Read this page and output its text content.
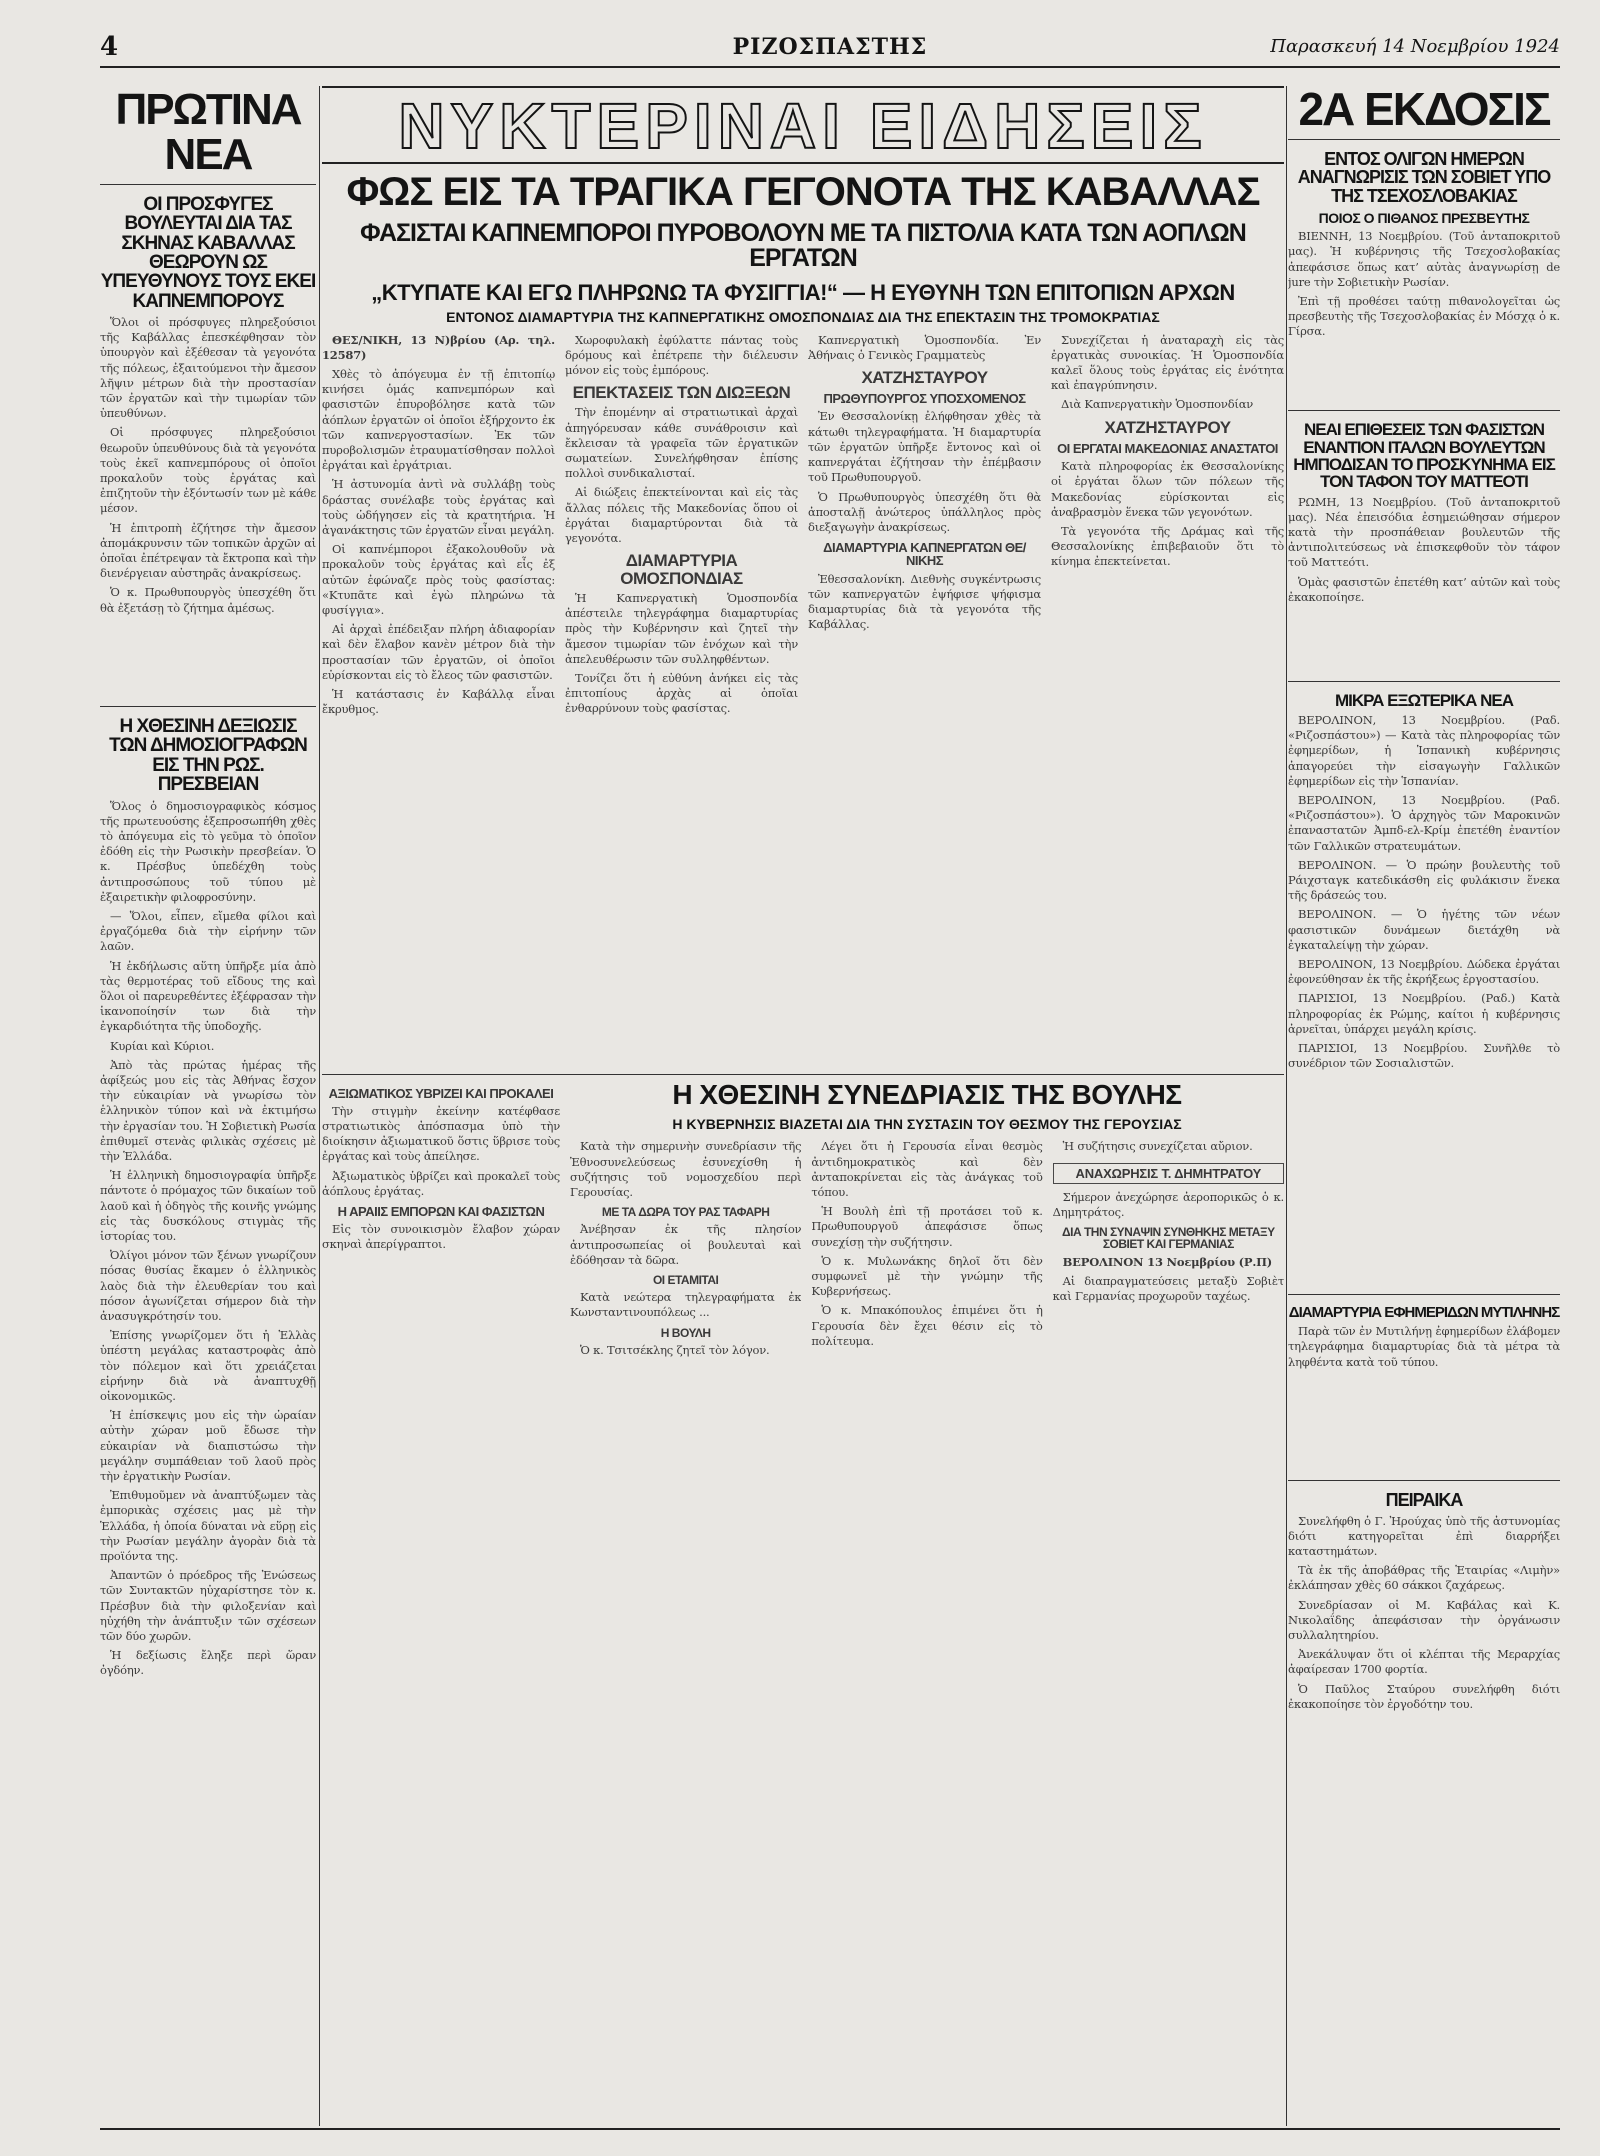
4	ΡΙΖΟΣΠΑΣΤΗΣ	Παρασκευή 14 Νοεμβρίου 1924
ΠΡΩΤΙΝΑ ΝΕΑ
ΟΙ ΠΡΟΣΦΥΓΕΣ ΒΟΥΛΕΥΤΑΙ ΔΙΑ ΤΑΣ ΣΚΗΝΑΣ ΚΑΒΑΛΛΑΣ ΘΕΩΡΟΥΝ ΩΣ ΥΠΕΥΘΥΝΟΥΣ ΤΟΥΣ ΕΚΕΙ ΚΑΠΝΕΜΠΟΡΟΥΣ

Ὅλοι οἱ πρόσφυγες πληρεξούσιοι τῆς Καβάλλας ἐπεσκέφθησαν τὸν ὑπουργὸν καὶ ἐξέθεσαν τὰ γεγονότα τῆς πόλεως, ἐξαιτούμενοι τὴν ἄμεσον λῆψιν μέτρων διὰ τὴν προστασίαν τῶν ἐργατῶν καὶ τὴν τιμωρίαν τῶν ὑπευθύνων.

Οἱ πρόσφυγες πληρεξούσιοι θεωροῦν ὑπευθύνους διὰ τὰ γεγονότα τοὺς ἐκεῖ καπνεμπόρους οἱ ὁποῖοι προκαλοῦν τοὺς ἐργάτας καὶ ἐπιζητοῦν τὴν ἐξόντωσίν των μὲ κάθε μέσον.

Ἡ ἐπιτροπὴ ἐζήτησε τὴν ἄμεσον ἀπομάκρυνσιν τῶν τοπικῶν ἀρχῶν αἱ ὁποῖαι ἐπέτρεψαν τὰ ἔκτροπα καὶ τὴν διενέργειαν αὐστηρᾶς ἀνακρίσεως.

Ὁ κ. Πρωθυπουργὸς ὑπεσχέθη ὅτι θὰ ἐξετάσῃ τὸ ζήτημα ἀμέσως.

Η ΧΘΕΣΙΝΗ ΔΕΞΙΩΣΙΣ ΤΩΝ ΔΗΜΟΣΙΟΓΡΑΦΩΝ ΕΙΣ ΤΗΝ ΡΩΣ. ΠΡΕΣΒΕΙΑΝ

Ὅλος ὁ δημοσιογραφικὸς κόσμος τῆς πρωτευούσης ἐξεπροσωπήθη χθὲς τὸ ἀπόγευμα εἰς τὸ γεῦμα τὸ ὁποῖον ἐδόθη εἰς τὴν Ρωσικὴν πρεσβείαν. Ὁ κ. Πρέσβυς ὑπεδέχθη τοὺς ἀντιπροσώπους τοῦ τύπου μὲ ἐξαιρετικὴν φιλοφροσύνην.

— Ὅλοι, εἶπεν, εἴμεθα φίλοι καὶ ἐργαζόμεθα διὰ τὴν εἰρήνην τῶν λαῶν.

Ἡ ἐκδήλωσις αὕτη ὑπῆρξε μία ἀπὸ τὰς θερμοτέρας τοῦ εἴδους της καὶ ὅλοι οἱ παρευρεθέντες ἐξέφρασαν τὴν ἱκανοποίησίν των διὰ τὴν ἐγκαρδιότητα τῆς ὑποδοχῆς.

Κυρίαι καὶ Κύριοι.

Ἀπὸ τὰς πρώτας ἡμέρας τῆς ἀφίξεώς μου εἰς τὰς Ἀθήνας ἔσχον τὴν εὐκαιρίαν νὰ γνωρίσω τὸν ἑλληνικὸν τύπον καὶ νὰ ἐκτιμήσω τὴν ἐργασίαν του. Ἡ Σοβιετικὴ Ρωσία ἐπιθυμεῖ στενὰς φιλικὰς σχέσεις μὲ τὴν Ἑλλάδα.

Ἡ ἑλληνικὴ δημοσιογραφία ὑπῆρξε πάντοτε ὁ πρόμαχος τῶν δικαίων τοῦ λαοῦ καὶ ἡ ὁδηγὸς τῆς κοινῆς γνώμης εἰς τὰς δυσκόλους στιγμὰς τῆς ἱστορίας του.

Ὀλίγοι μόνον τῶν ξένων γνωρίζουν πόσας θυσίας ἔκαμεν ὁ ἑλληνικὸς λαὸς διὰ τὴν ἐλευθερίαν του καὶ πόσον ἀγωνίζεται σήμερον διὰ τὴν ἀνασυγκρότησίν του.

Ἐπίσης γνωρίζομεν ὅτι ἡ Ἑλλὰς ὑπέστη μεγάλας καταστροφὰς ἀπὸ τὸν πόλεμον καὶ ὅτι χρειάζεται εἰρήνην διὰ νὰ ἀναπτυχθῇ οἰκονομικῶς.

Ἡ ἐπίσκεψις μου εἰς τὴν ὡραίαν αὐτὴν χώραν μοῦ ἔδωσε τὴν εὐκαιρίαν νὰ διαπιστώσω τὴν μεγάλην συμπάθειαν τοῦ λαοῦ πρὸς τὴν ἐργατικὴν Ρωσίαν.

Ἐπιθυμοῦμεν νὰ ἀναπτύξωμεν τὰς ἐμπορικὰς σχέσεις μας μὲ τὴν Ἑλλάδα, ἡ ὁποία δύναται νὰ εὕρῃ εἰς τὴν Ρωσίαν μεγάλην ἀγορὰν διὰ τὰ προϊόντα της.

Ἀπαντῶν ὁ πρόεδρος τῆς Ἑνώσεως τῶν Συντακτῶν ηὐχαρίστησε τὸν κ. Πρέσβυν διὰ τὴν φιλοξενίαν καὶ ηὐχήθη τὴν ἀνάπτυξιν τῶν σχέσεων τῶν δύο χωρῶν.

Ἡ δεξίωσις ἔληξε περὶ ὥραν ὀγδόην.

ΝΥΚΤΕΡΙΝΑΙ ΕΙΔΗΣΕΙΣ
ΦΩΣ ΕΙΣ ΤΑ ΤΡΑΓΙΚΑ ΓΕΓΟΝΟΤΑ ΤΗΣ ΚΑΒΑΛΛΑΣ
ΦΑΣΙΣΤΑΙ ΚΑΠΝΕΜΠΟΡΟΙ ΠΥΡΟΒΟΛΟΥΝ ΜΕ ΤΑ ΠΙΣΤΟΛΙΑ ΚΑΤΑ ΤΩΝ ΑΟΠΛΩΝ ΕΡΓΑΤΩΝ
„ΚΤΥΠΑΤΕ ΚΑΙ ΕΓΩ ΠΛΗΡΩΝΩ ΤΑ ΦΥΣΙΓΓΙΑ!“ — Η ΕΥΘΥΝΗ ΤΩΝ ΕΠΙΤΟΠΙΩΝ ΑΡΧΩΝ
ΕΝΤΟΝΟΣ ΔΙΑΜΑΡΤΥΡΙΑ ΤΗΣ ΚΑΠΝΕΡΓΑΤΙΚΗΣ ΟΜΟΣΠΟΝΔΙΑΣ ΔΙΑ ΤΗΣ ΕΠΕΚΤΑΣΙΝ ΤΗΣ ΤΡΟΜΟΚΡΑΤΙΑΣ

ΘΕΣ/ΝΙΚΗ, 13 Ν)βρίου (Αρ. τηλ. 12587)

Χθὲς τὸ ἀπόγευμα ἐν τῇ ἐπιτοπίῳ κινήσει ὁμάς καπνεμπόρων καὶ φασιστῶν ἐπυροβόλησε κατὰ τῶν ἀόπλων ἐργατῶν οἱ ὁποῖοι ἐξήρχοντο ἐκ τῶν καπνεργοστασίων. Ἐκ τῶν πυροβολισμῶν ἐτραυματίσθησαν πολλοὶ ἐργάται καὶ ἐργάτριαι.

Ἡ ἀστυνομία ἀντὶ νὰ συλλάβῃ τοὺς δράστας συνέλαβε τοὺς ἐργάτας καὶ τοὺς ὡδήγησεν εἰς τὰ κρατητήρια. Ἡ ἀγανάκτησις τῶν ἐργατῶν εἶναι μεγάλη.

Οἱ καπνέμποροι ἐξακολουθοῦν νὰ προκαλοῦν τοὺς ἐργάτας καὶ εἷς ἐξ αὐτῶν ἐφώναζε πρὸς τοὺς φασίστας: «Κτυπᾶτε καὶ ἐγὼ πληρώνω τὰ φυσίγγια».

Αἱ ἀρχαὶ ἐπέδειξαν πλήρη ἀδιαφορίαν καὶ δὲν ἔλαβον κανὲν μέτρον διὰ τὴν προστασίαν τῶν ἐργατῶν, οἱ ὁποῖοι εὑρίσκονται εἰς τὸ ἔλεος τῶν φασιστῶν.

Ἡ κατάστασις ἐν Καβάλλᾳ εἶναι ἔκρυθμος.

Χωροφυλακὴ ἐφύλαττε πάντας τοὺς δρόμους καὶ ἐπέτρεπε τὴν διέλευσιν μόνον εἰς τοὺς ἐμπόρους.

ΕΠΕΚΤΑΣΕΙΣ ΤΩΝ ΔΙΩΞΕΩΝ

Τὴν ἐπομένην αἱ στρατιωτικαὶ ἀρχαὶ ἀπηγόρευσαν κάθε συνάθροισιν καὶ ἔκλεισαν τὰ γραφεῖα τῶν ἐργατικῶν σωματείων. Συνελήφθησαν ἐπίσης πολλοὶ συνδικαλισταί.

Αἱ διώξεις ἐπεκτείνονται καὶ εἰς τὰς ἄλλας πόλεις τῆς Μακεδονίας ὅπου οἱ ἐργάται διαμαρτύρονται διὰ τὰ γεγονότα.

ΔΙΑΜΑΡΤΥΡΙΑ ΟΜΟΣΠΟΝΔΙΑΣ

Ἡ Καπνεργατικὴ Ὁμοσπονδία ἀπέστειλε τηλεγράφημα διαμαρτυρίας πρὸς τὴν Κυβέρνησιν καὶ ζητεῖ τὴν ἄμεσον τιμωρίαν τῶν ἐνόχων καὶ τὴν ἀπελευθέρωσιν τῶν συλληφθέντων.

Τονίζει ὅτι ἡ εὐθύνη ἀνήκει εἰς τὰς ἐπιτοπίους ἀρχὰς αἱ ὁποῖαι ἐνθαρρύνουν τοὺς φασίστας.

Καπνεργατικὴ Ὁμοσπονδία. Ἐν Ἀθήναις ὁ Γενικὸς Γραμματεὺς

ΧΑΤΖΗΣΤΑΥΡΟΥ
ΠΡΩΘΥΠΟΥΡΓΟΣ ΥΠΟΣΧΟΜΕΝΟΣ

Ἐν Θεσσαλονίκῃ ἐλήφθησαν χθὲς τὰ κάτωθι τηλεγραφήματα. Ἡ διαμαρτυρία τῶν ἐργατῶν ὑπῆρξε ἔντονος καὶ οἱ καπνεργάται ἐζήτησαν τὴν ἐπέμβασιν τοῦ Πρωθυπουργοῦ.

Ὁ Πρωθυπουργὸς ὑπεσχέθη ὅτι θὰ ἀποσταλῇ ἀνώτερος ὑπάλληλος πρὸς διεξαγωγὴν ἀνακρίσεως.

ΔΙΑΜΑΡΤΥΡΙΑ ΚΑΠΝΕΡΓΑΤΩΝ ΘΕ/ΝΙΚΗΣ

Ἐθεσσαλονίκη. Διεθνὴς συγκέντρωσις τῶν καπνεργατῶν ἐψήφισε ψήφισμα διαμαρτυρίας διὰ τὰ γεγονότα τῆς Καβάλλας.

Συνεχίζεται ἡ ἀναταραχὴ εἰς τὰς ἐργατικὰς συνοικίας. Ἡ Ὁμοσπονδία καλεῖ ὅλους τοὺς ἐργάτας εἰς ἑνότητα καὶ ἐπαγρύπνησιν.

Διὰ Καπνεργατικὴν Ὁμοσπονδίαν

ΧΑΤΖΗΣΤΑΥΡΟΥ
ΟΙ ΕΡΓΑΤΑΙ ΜΑΚΕΔΟΝΙΑΣ ΑΝΑΣΤΑΤΟΙ

Κατὰ πληροφορίας ἐκ Θεσσαλονίκης οἱ ἐργάται ὅλων τῶν πόλεων τῆς Μακεδονίας εὑρίσκονται εἰς ἀναβρασμὸν ἕνεκα τῶν γεγονότων.

Τὰ γεγονότα τῆς Δράμας καὶ τῆς Θεσσαλονίκης ἐπιβεβαιοῦν ὅτι τὸ κίνημα ἐπεκτείνεται.

ΑΞΙΩΜΑΤΙΚΟΣ ΥΒΡΙΖΕΙ ΚΑΙ ΠΡΟΚΑΛΕΙ

Τὴν στιγμὴν ἐκείνην κατέφθασε στρατιωτικὸς ἀπόσπασμα ὑπὸ τὴν διοίκησιν ἀξιωματικοῦ ὅστις ὕβρισε τοὺς ἐργάτας καὶ τοὺς ἀπείλησε.

Ἀξιωματικὸς ὑβρίζει καὶ προκαλεῖ τοὺς ἀόπλους ἐργάτας.

Η ΑΡΑΙΙΣ ΕΜΠΟΡΩΝ ΚΑΙ ΦΑΣΙΣΤΩΝ

Εἰς τὸν συνοικισμὸν ἔλαβον χώραν σκηναὶ ἀπερίγραπτοι.

Η ΧΘΕΣΙΝΗ ΣΥΝΕΔΡΙΑΣΙΣ ΤΗΣ ΒΟΥΛΗΣ
Η ΚΥΒΕΡΝΗΣΙΣ ΒΙΑΖΕΤΑΙ ΔΙΑ ΤΗΝ ΣΥΣΤΑΣΙΝ ΤΟΥ ΘΕΣΜΟΥ ΤΗΣ ΓΕΡΟΥΣΙΑΣ

Κατὰ τὴν σημερινὴν συνεδρίασιν τῆς Ἐθνοσυνελεύσεως ἐσυνεχίσθη ἡ συζήτησις τοῦ νομοσχεδίου περὶ Γερουσίας.

ΜΕ ΤΑ ΔΩΡΑ ΤΟΥ ΡΑΣ ΤΑΦΑΡΗ

Ἀνέβησαν ἐκ τῆς πλησίον ἀντιπροσωπείας οἱ βουλευταὶ καὶ ἐδόθησαν τὰ δῶρα.

ΟΙ ΕΤΑΜΙΤΑΙ

Κατὰ νεώτερα τηλεγραφήματα ἐκ Κωνσταντινουπόλεως ...

Η ΒΟΥΛΗ

Ὁ κ. Τσιτσέκλης ζητεῖ τὸν λόγον.

Λέγει ὅτι ἡ Γερουσία εἶναι θεσμὸς ἀντιδημοκρατικὸς καὶ δὲν ἀνταποκρίνεται εἰς τὰς ἀνάγκας τοῦ τόπου.

Ἡ Βουλὴ ἐπὶ τῇ προτάσει τοῦ κ. Πρωθυπουργοῦ ἀπεφάσισε ὅπως συνεχίσῃ τὴν συζήτησιν.

Ὁ κ. Μυλωνάκης δηλοῖ ὅτι δὲν συμφωνεῖ μὲ τὴν γνώμην τῆς Κυβερνήσεως.

Ὁ κ. Μπακόπουλος ἐπιμένει ὅτι ἡ Γερουσία δὲν ἔχει θέσιν εἰς τὸ πολίτευμα.

Ἡ συζήτησις συνεχίζεται αὔριον.

ΑΝΑΧΩΡΗΣΙΣ Τ. ΔΗΜΗΤΡΑΤΟΥ

Σήμερον ἀνεχώρησε ἀεροπορικῶς ὁ κ. Δημητράτος.

ΔΙΑ ΤΗΝ ΣΥΝΑΨΙΝ ΣΥΝΘΗΚΗΣ ΜΕΤΑΞΥ ΣΟΒΙΕΤ ΚΑΙ ΓΕΡΜΑΝΙΑΣ

ΒΕΡΟΛΙΝΟΝ 13 Νοεμβρίου (Ρ.Π)

Αἱ διαπραγματεύσεις μεταξὺ Σοβιὲτ καὶ Γερμανίας προχωροῦν ταχέως.

2Α ΕΚΔΟΣΙΣ
ΕΝΤΟΣ ΟΛΙΓΩΝ ΗΜΕΡΩΝ ΑΝΑΓΝΩΡΙΣΙΣ ΤΩΝ ΣΟΒΙΕΤ ΥΠΟ ΤΗΣ ΤΣΕΧΟΣΛΟΒΑΚΙΑΣ
ΠΟΙΟΣ Ο ΠΙΘΑΝΟΣ ΠΡΕΣΒΕΥΤΗΣ

ΒΙΕΝΝΗ, 13 Νοεμβρίου. (Τοῦ ἀνταποκριτοῦ μας). Ἡ κυβέρνησις τῆς Τσεχοσλοβακίας ἀπεφάσισε ὅπως κατ’ αὐτὰς ἀναγνωρίσῃ de jure τὴν Σοβιετικὴν Ρωσίαν.

Ἐπὶ τῇ προθέσει ταύτῃ πιθανολογεῖται ὡς πρεσβευτὴς τῆς Τσεχοσλοβακίας ἐν Μόσχᾳ ὁ κ. Γίρσα.

ΝΕΑΙ ΕΠΙΘΕΣΕΙΣ ΤΩΝ ΦΑΣΙΣΤΩΝ ΕΝΑΝΤΙΟΝ ΙΤΑΛΩΝ ΒΟΥΛΕΥΤΩΝ ΗΜΠΟΔΙΣΑΝ ΤΟ ΠΡΟΣΚΥΝΗΜΑ ΕΙΣ ΤΟΝ ΤΑΦΟΝ ΤΟΥ ΜΑΤΤΕΟΤΙ

ΡΩΜΗ, 13 Νοεμβρίου. (Τοῦ ἀνταποκριτοῦ μας). Νέα ἐπεισόδια ἐσημειώθησαν σήμερον κατὰ τὴν προσπάθειαν βουλευτῶν τῆς ἀντιπολιτεύσεως νὰ ἐπισκεφθοῦν τὸν τάφον τοῦ Ματτεότι.

Ὁμὰς φασιστῶν ἐπετέθη κατ’ αὐτῶν καὶ τοὺς ἐκακοποίησε.

ΜΙΚΡΑ ΕΞΩΤΕΡΙΚΑ ΝΕΑ

ΒΕΡΟΛΙΝΟΝ, 13 Νοεμβρίου. (Ραδ. «Ριζοσπάστου») — Κατὰ τὰς πληροφορίας τῶν ἐφημερίδων, ἡ Ἱσπανικὴ κυβέρνησις ἀπαγορεύει τὴν εἰσαγωγὴν Γαλλικῶν ἐφημερίδων εἰς τὴν Ἱσπανίαν.

ΒΕΡΟΛΙΝΟΝ, 13 Νοεμβρίου. (Ραδ. «Ριζοσπάστου»). Ὁ ἀρχηγὸς τῶν Μαροκινῶν ἐπαναστατῶν Ἀμπδ-ελ-Κρίμ ἐπετέθη ἐναντίον τῶν Γαλλικῶν στρατευμάτων.

ΒΕΡΟΛΙΝΟΝ. — Ὁ πρώην βουλευτὴς τοῦ Ράιχσταγκ κατεδικάσθη εἰς φυλάκισιν ἕνεκα τῆς δράσεώς του.

ΒΕΡΟΛΙΝΟΝ. — Ὁ ἡγέτης τῶν νέων φασιστικῶν δυνάμεων διετάχθη νὰ ἐγκαταλείψῃ τὴν χώραν.

ΒΕΡΟΛΙΝΟΝ, 13 Νοεμβρίου. Δώδεκα ἐργάται ἐφονεύθησαν ἐκ τῆς ἐκρήξεως ἐργοστασίου.

ΠΑΡΙΣΙΟΙ, 13 Νοεμβρίου. (Ραδ.) Κατὰ πληροφορίας ἐκ Ρώμης, καίτοι ἡ κυβέρνησις ἀρνεῖται, ὑπάρχει μεγάλη κρίσις.

ΠΑΡΙΣΙΟΙ, 13 Νοεμβρίου. Συνῆλθε τὸ συνέδριον τῶν Σοσιαλιστῶν.

ΔΙΑΜΑΡΤΥΡΙΑ ΕΦΗΜΕΡΙΔΩΝ ΜΥΤΙΛΗΝΗΣ

Παρὰ τῶν ἐν Μυτιλήνῃ ἐφημερίδων ἐλάβομεν τηλεγράφημα διαμαρτυρίας διὰ τὰ μέτρα τὰ ληφθέντα κατὰ τοῦ τύπου.

ΠΕΙΡΑΙΚΑ

Συνελήφθη ὁ Γ. Ἠρούχας ὑπὸ τῆς ἀστυνομίας διότι κατηγορεῖται ἐπὶ διαρρήξει καταστημάτων.

Τὰ ἐκ τῆς ἀποβάθρας τῆς Ἑταιρίας «Λιμὴν» ἐκλάπησαν χθὲς 60 σάκκοι ζαχάρεως.

Συνεδρίασαν οἱ Μ. Καβάλας καὶ Κ. Νικολαΐδης ἀπεφάσισαν τὴν ὀργάνωσιν συλλαλητηρίου.

Ἀνεκάλυψαν ὅτι οἱ κλέπται τῆς Μεραρχίας ἀφαίρεσαν 1700 φορτία.

Ὁ Παῦλος Σταύρου συνελήφθη διότι ἐκακοποίησε τὸν ἐργοδότην του.
